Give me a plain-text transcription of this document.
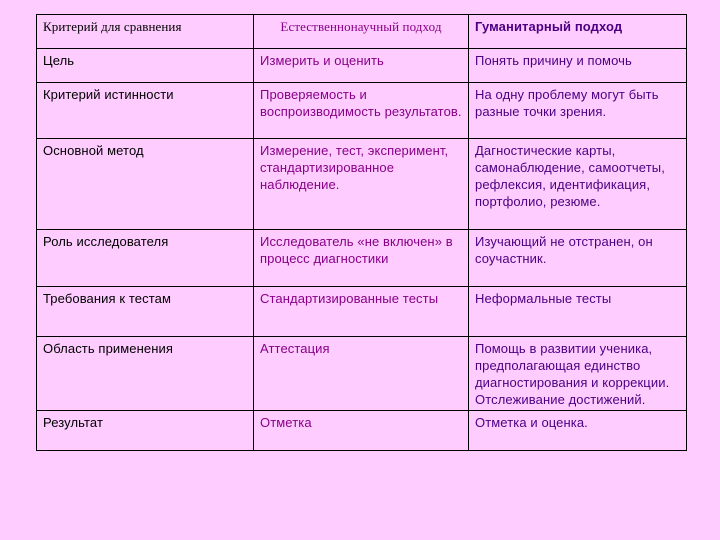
Критерий для сравнения	Естественнонаучный подход	Гуманитарный подход
Цель	Измерить и оценить	Понять причину и помочь
Критерий истинности	Проверяемость и воспроизводимость результатов.	На одну проблему могут быть разные точки зрения.
Основной метод	Измерение, тест, эксперимент, стандартизированное наблюдение.	Дагностические карты, самонаблюдение, самоотчеты, рефлексия, идентификация, портфолио, резюме.
Роль исследователя	Исследователь «не включен» в процесс диагностики	Изучающий не отстранен, он соучастник.
Требования к тестам	Стандартизированные тесты	Неформальные тесты
Область применения	Аттестация	Помощь в развитии ученика, предполагающая единство диагностирования и коррекции. Отслеживание достижений.
Результат	Отметка	Отметка и оценка.
